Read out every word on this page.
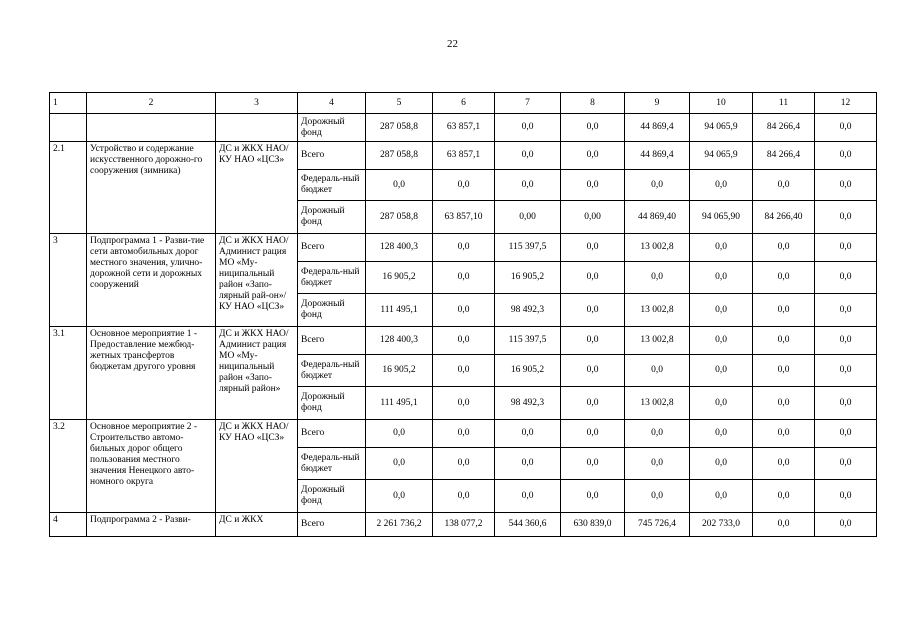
22
1	2	3	4	5	6	7	8	9	10	11	12
			Дорожный фонд	287 058,8	63 857,1	0,0	0,0	44 869,4	94 065,9	84 266,4	0,0
2.1	Устройство и содержание искусственного дорожно-го сооружения (зимника)	ДС и ЖКХ НАО/КУ НАО «ЦСЗ»	Всего	287 058,8	63 857,1	0,0	0,0	44 869,4	94 065,9	84 266,4	0,0
			Федераль-ный бюджет	0,0	0,0	0,0	0,0	0,0	0,0	0,0	0,0
			Дорожный фонд	287 058,8	63 857,10	0,00	0,00	44 869,40	94 065,90	84 266,40	0,0
3	Подпрограмма 1 - Разви-тие сети автомобильных дорог местного значения, улично-дорожной сети и дорожных сооружений	ДС и ЖКХ НАО/Админист рация МО «Му-ниципальный район «Запо-лярный рай-он»/КУ НАО «ЦСЗ»	Всего	128 400,3	0,0	115 397,5	0,0	13 002,8	0,0	0,0	0,0
			Федераль-ный бюджет	16 905,2	0,0	16 905,2	0,0	0,0	0,0	0,0	0,0
			Дорожный фонд	111 495,1	0,0	98 492,3	0,0	13 002,8	0,0	0,0	0,0
3.1	Основное мероприятие 1 - Предоставление межбюд-жетных трансфертов бюджетам другого уровня	ДС и ЖКХ НАО/Админист рация МО «Му-ниципальный район «Запо-лярный район»	Всего	128 400,3	0,0	115 397,5	0,0	13 002,8	0,0	0,0	0,0
			Федераль-ный бюджет	16 905,2	0,0	16 905,2	0,0	0,0	0,0	0,0	0,0
			Дорожный фонд	111 495,1	0,0	98 492,3	0,0	13 002,8	0,0	0,0	0,0
3.2	Основное мероприятие 2 - Строительство автомо-бильных дорог общего пользования местного значения Ненецкого авто-номного округа	ДС и ЖКХ НАО/КУ НАО «ЦСЗ»	Всего	0,0	0,0	0,0	0,0	0,0	0,0	0,0	0,0
			Федераль-ный бюджет	0,0	0,0	0,0	0,0	0,0	0,0	0,0	0,0
			Дорожный фонд	0,0	0,0	0,0	0,0	0,0	0,0	0,0	0,0
4	Подпрограмма 2 - Разви-	ДС и ЖКХ	Всего	2 261 736,2	138 077,2	544 360,6	630 839,0	745 726,4	202 733,0	0,0	0,0
